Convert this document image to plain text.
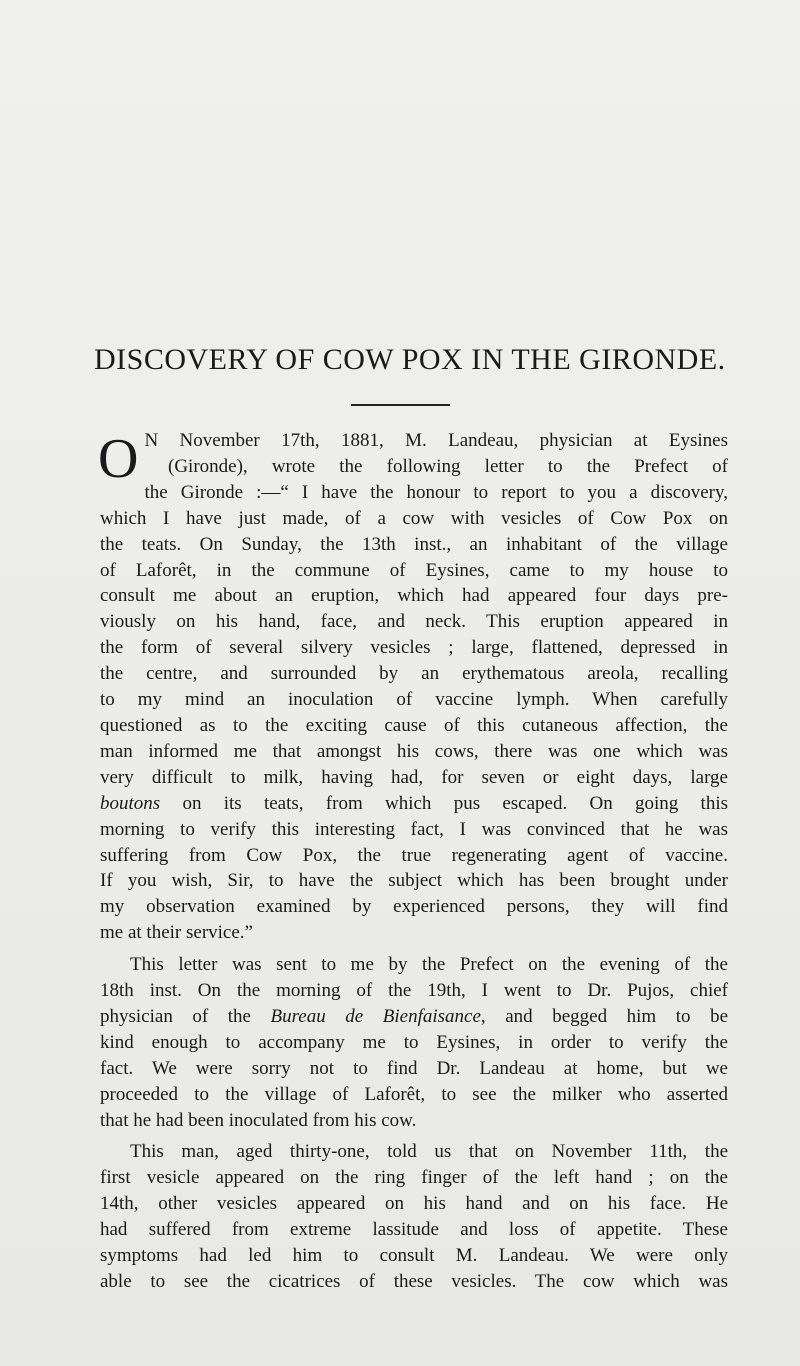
DISCOVERY OF COW POX IN THE GIRONDE.
O N November 17th, 1881, M. Landeau, physician at Eysines
(Gironde), wrote the following letter to the Prefect of
the Gironde :—“ I have the honour to report to you a discovery,
which I have just made, of a cow with vesicles of Cow Pox on
the teats. On Sunday, the 13th inst., an inhabitant of the village
of Laforêt, in the commune of Eysines, came to my house to
consult me about an eruption, which had appeared four days pre-
viously on his hand, face, and neck. This eruption appeared in
the form of several silvery vesicles ; large, flattened, depressed in
the centre, and surrounded by an erythematous areola, recalling
to my mind an inoculation of vaccine lymph. When carefully
questioned as to the exciting cause of this cutaneous affection, the
man informed me that amongst his cows, there was one which was
very difficult to milk, having had, for seven or eight days, large
boutons on its teats, from which pus escaped. On going this
morning to verify this interesting fact, I was convinced that he was
suffering from Cow Pox, the true regenerating agent of vaccine.
If you wish, Sir, to have the subject which has been brought under
my observation examined by experienced persons, they will find
me at their service.”
This letter was sent to me by the Prefect on the evening of the
18th inst. On the morning of the 19th, I went to Dr. Pujos, chief
physician of the Bureau de Bienfaisance, and begged him to be
kind enough to accompany me to Eysines, in order to verify the
fact. We were sorry not to find Dr. Landeau at home, but we
proceeded to the village of Laforêt, to see the milker who asserted
that he had been inoculated from his cow.
This man, aged thirty-one, told us that on November 11th, the
first vesicle appeared on the ring finger of the left hand ; on the
14th, other vesicles appeared on his hand and on his face. He
had suffered from extreme lassitude and loss of appetite. These
symptoms had led him to consult M. Landeau. We were only
able to see the cicatrices of these vesicles. The cow which was
